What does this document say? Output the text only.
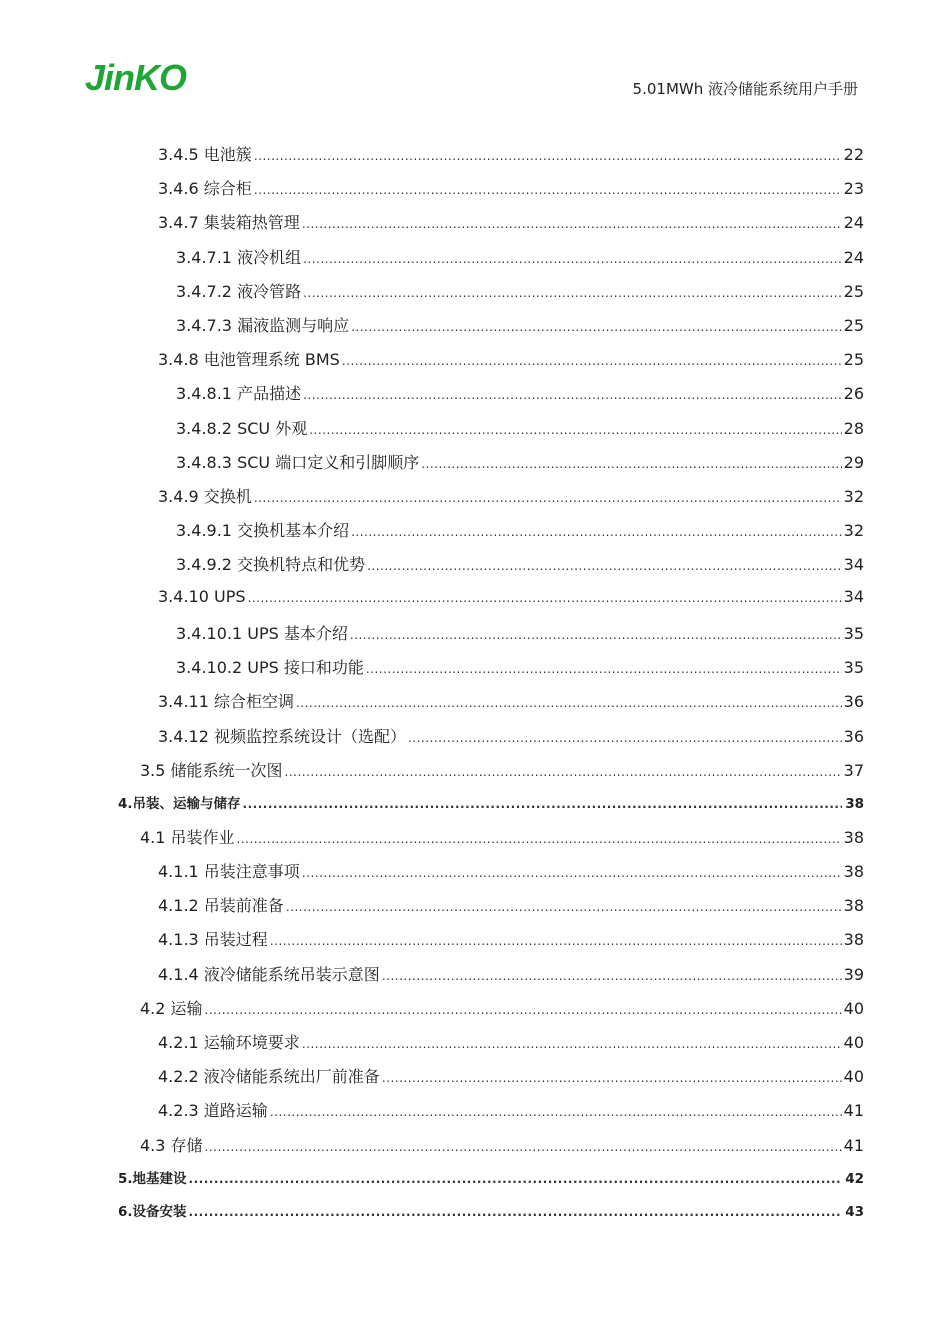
JinKO	5.01MWh 液冷储能系统用户手册
3.4.5 电池簇 .....	22
3.4.6 综合柜 .....	23
3.4.7 集装箱热管理 .....	24
3.4.7.1 液冷机组 .....	24
3.4.7.2 液冷管路 .....	25
3.4.7.3 漏液监测与响应 .....	25
3.4.8 电池管理系统 BMS .....	25
3.4.8.1 产品描述 .....	26
3.4.8.2 SCU 外观 .....	28
3.4.8.3 SCU 端口定义和引脚顺序 .....	29
3.4.9 交换机 .....	32
3.4.9.1 交换机基本介绍 .....	32
3.4.9.2 交换机特点和优势 .....	34
3.4.10 UPS .....	34
3.4.10.1 UPS 基本介绍 .....	35
3.4.10.2 UPS 接口和功能 .....	35
3.4.11 综合柜空调 .....	36
3.4.12 视频监控系统设计（选配） .....	36
3.5 储能系统一次图 .....	37
4.吊装、运输与储存 .....	38
4.1 吊装作业 .....	38
4.1.1 吊装注意事项 .....	38
4.1.2 吊装前准备 .....	38
4.1.3 吊装过程 .....	38
4.1.4 液冷储能系统吊装示意图 .....	39
4.2 运输 .....	40
4.2.1 运输环境要求 .....	40
4.2.2 液冷储能系统出厂前准备 .....	40
4.2.3 道路运输 .....	41
4.3 存储 .....	41
5.地基建设 .....	42
6.设备安装 .....	43
